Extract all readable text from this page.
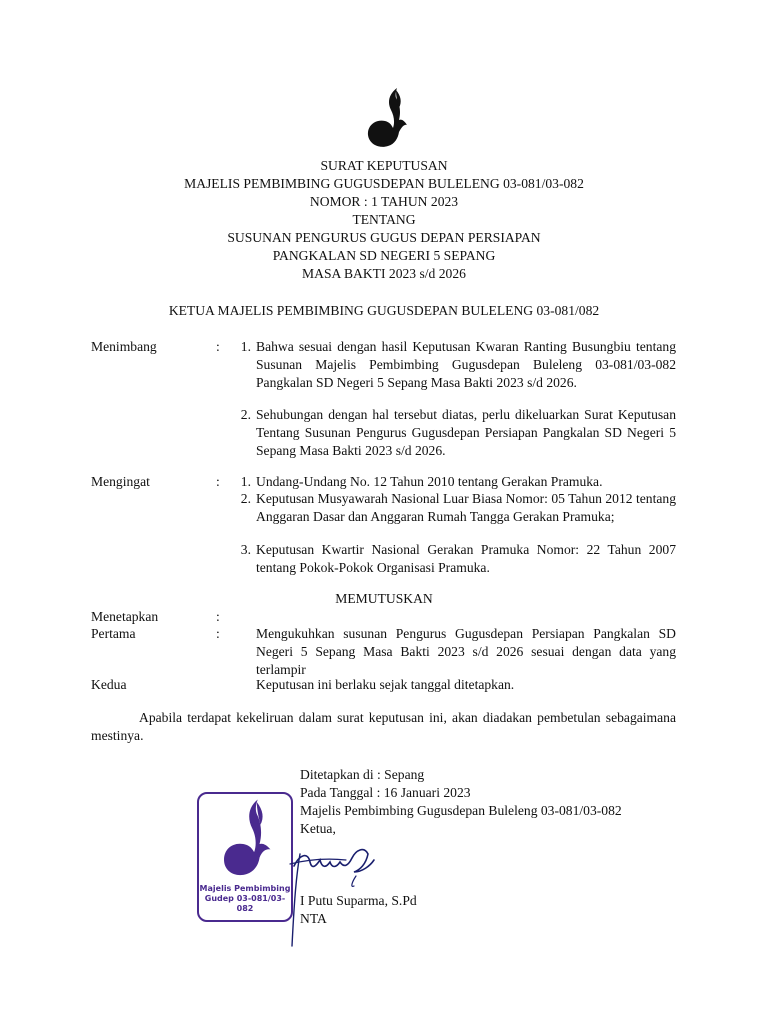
SURAT KEPUTUSAN
MAJELIS PEMBIMBING GUGUSDEPAN BULELENG 03-081/03-082
NOMOR : 1 TAHUN 2023
TENTANG
SUSUNAN PENGURUS GUGUS DEPAN PERSIAPAN
PANGKALAN SD NEGERI 5 SEPANG
MASA BAKTI 2023 s/d 2026
KETUA MAJELIS PEMBIMBING GUGUSDEPAN BULELENG 03-081/082
Menimbang	:	1. Bahwa sesuai dengan hasil Keputusan Kwaran Ranting Busungbiu tentang Susunan Majelis Pembimbing Gugusdepan Buleleng 03-081/03-082 Pangkalan SD Negeri 5 Sepang Masa Bakti 2023 s/d 2026.
2. Sehubungan dengan hal tersebut diatas, perlu dikeluarkan Surat Keputusan Tentang Susunan Pengurus Gugusdepan Persiapan Pangkalan SD Negeri 5 Sepang Masa Bakti 2023 s/d 2026.
Mengingat	:	1. Undang-Undang No. 12 Tahun 2010 tentang Gerakan Pramuka.
2. Keputusan Musyawarah Nasional Luar Biasa Nomor: 05 Tahun 2012 tentang Anggaran Dasar dan Anggaran Rumah Tangga Gerakan Pramuka;
3. Keputusan Kwartir Nasional Gerakan Pramuka Nomor: 22 Tahun 2007 tentang Pokok-Pokok Organisasi Pramuka.
MEMUTUSKAN
Menetapkan	:
Pertama	:	Mengukuhkan susunan Pengurus Gugusdepan Persiapan Pangkalan SD Negeri 5 Sepang Masa Bakti 2023 s/d 2026 sesuai dengan data yang terlampir
Kedua	Keputusan ini berlaku sejak tanggal ditetapkan.
Apabila terdapat kekeliruan dalam surat keputusan ini, akan diadakan pembetulan sebagaimana mestinya.
Majelis Pembimbing
Gudep 03-081/03-082
Ditetapkan di : Sepang
Pada Tanggal : 16 Januari 2023
Majelis Pembimbing Gugusdepan Buleleng 03-081/03-082
Ketua,
I Putu Suparma, S.Pd
NTA
